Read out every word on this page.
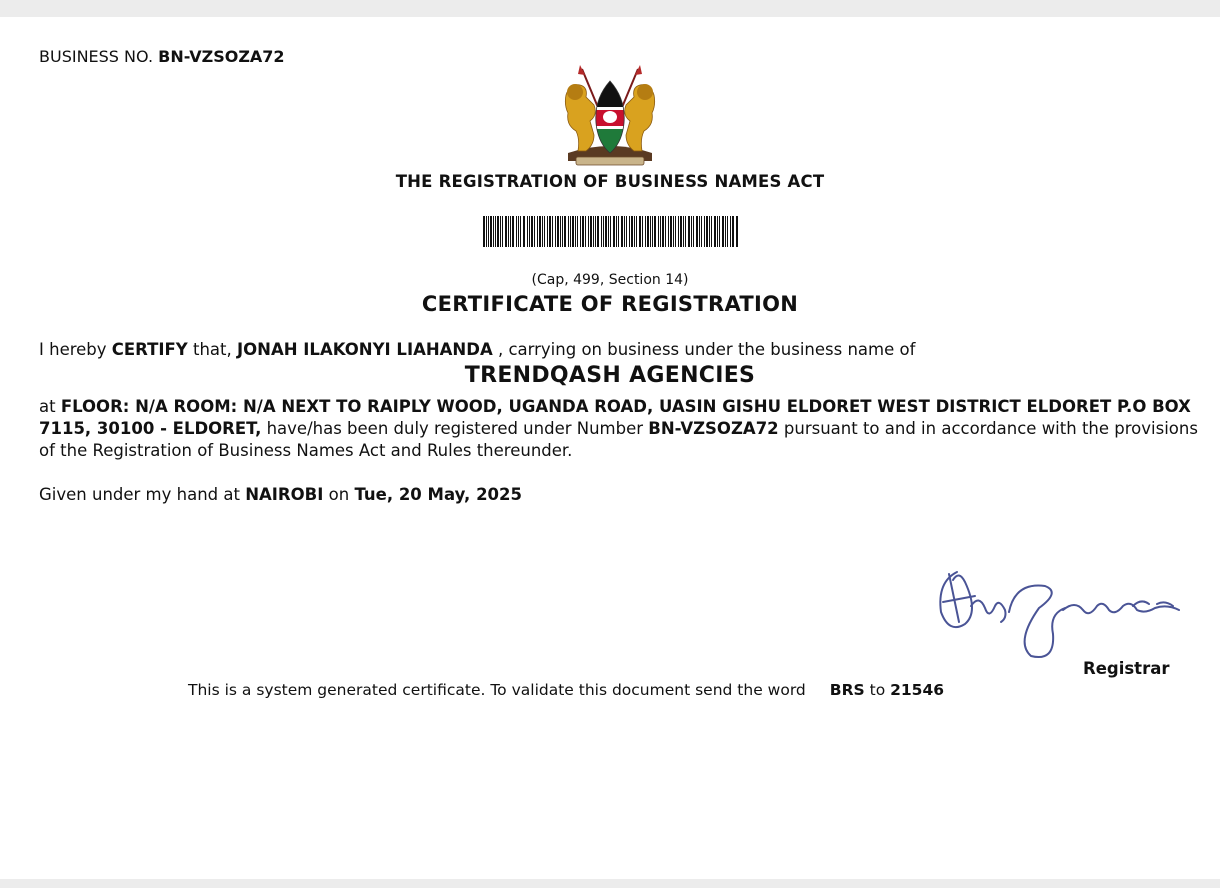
BUSINESS NO. BN-VZSOZA72
THE REGISTRATION OF BUSINESS NAMES ACT
(Cap, 499, Section 14)
CERTIFICATE OF REGISTRATION
I hereby CERTIFY that, JONAH ILAKONYI LIAHANDA , carrying on business under the business name of
TRENDQASH AGENCIES
at FLOOR: N/A ROOM: N/A NEXT TO RAIPLY WOOD, UGANDA ROAD, UASIN GISHU ELDORET WEST DISTRICT ELDORET P.O BOX 7115, 30100 - ELDORET, have/has been duly registered under Number BN-VZSOZA72 pursuant to and in accordance with the provisions of the Registration of Business Names Act and Rules thereunder.
Given under my hand at NAIROBI on Tue, 20 May, 2025
Registrar
This is a system generated certificate. To validate this document send the word BRS to 21546
